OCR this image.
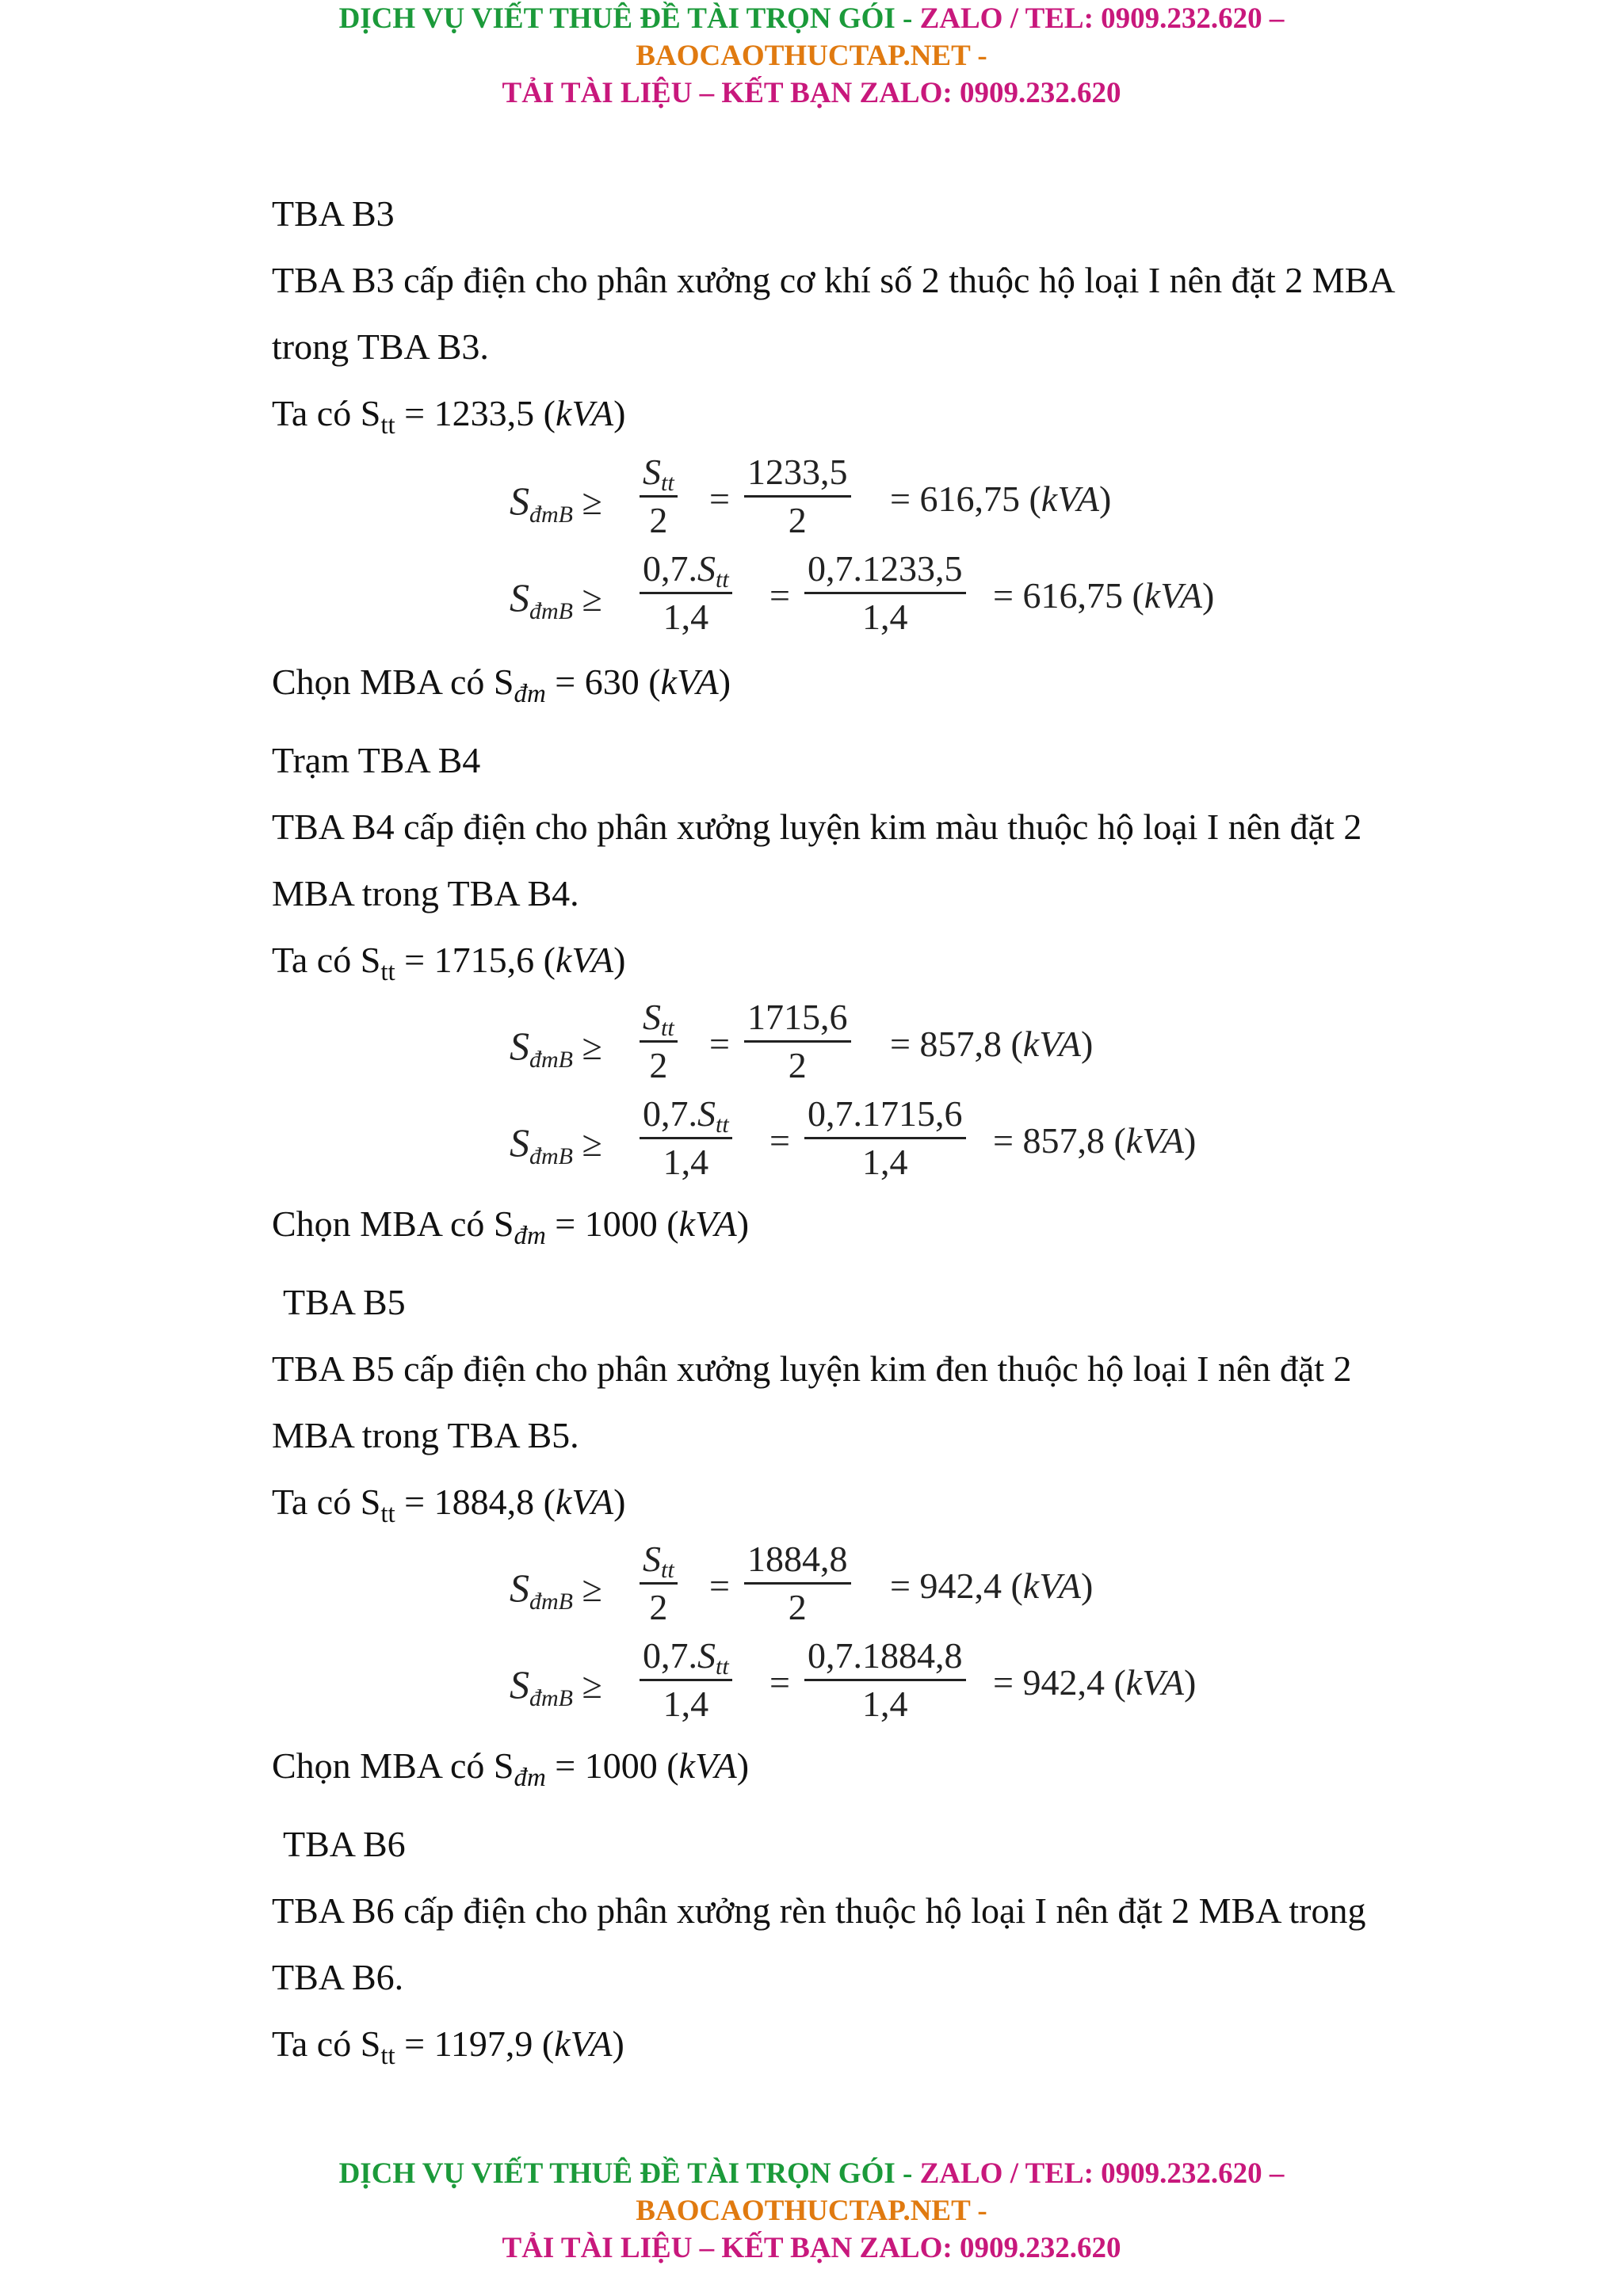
DỊCH VỤ VIẾT THUÊ ĐỀ TÀI TRỌN GÓI - ZALO / TEL: 0909.232.620 –
BAOCAOTHUCTAP.NET -
TẢI TÀI LIỆU – KẾT BẠN ZALO: 0909.232.620

TBA B3

TBA B3 cấp điện cho phân xưởng cơ khí số 2 thuộc hộ loại I nên đặt 2 MBA

trong TBA B3.

Ta có $S_{tt} = 1233,5$ (kVA)

$S_{đmB}$ ≥
Stt
2
=
1233,5
2
= 616,75 (kVA)
$S_{đmB}$ ≥
0,7.Stt
1,4
=
0,7.1233,5
1,4
= 616,75 (kVA)

Chọn MBA có $S_{đm} = 630$ (kVA)

Trạm TBA B4

TBA B4 cấp điện cho phân xưởng luyện kim màu thuộc hộ loại I nên đặt 2

MBA trong TBA B4.

Ta có $S_{tt} = 1715,6$ (kVA)

$S_{đmB}$ ≥
Stt
2
=
1715,6
2
= 857,8 (kVA)
$S_{đmB}$ ≥
0,7.Stt
1,4
=
0,7.1715,6
1,4
= 857,8 (kVA)

Chọn MBA có $S_{đm} = 1000$ (kVA)

TBA B5

TBA B5 cấp điện cho phân xưởng luyện kim đen thuộc hộ loại I nên đặt 2

MBA trong TBA B5.

Ta có $S_{tt} = 1884,8$ (kVA)

$S_{đmB}$ ≥
Stt
2
=
1884,8
2
= 942,4 (kVA)
$S_{đmB}$ ≥
0,7.Stt
1,4
=
0,7.1884,8
1,4
= 942,4 (kVA)

Chọn MBA có $S_{đm} = 1000$ (kVA)

TBA B6

TBA B6 cấp điện cho phân xưởng rèn thuộc hộ loại I nên đặt 2 MBA trong

TBA B6.

Ta có $S_{tt} = 1197,9$ (kVA)

DỊCH VỤ VIẾT THUÊ ĐỀ TÀI TRỌN GÓI - ZALO / TEL: 0909.232.620 –
BAOCAOTHUCTAP.NET -
TẢI TÀI LIỆU – KẾT BẠN ZALO: 0909.232.620
